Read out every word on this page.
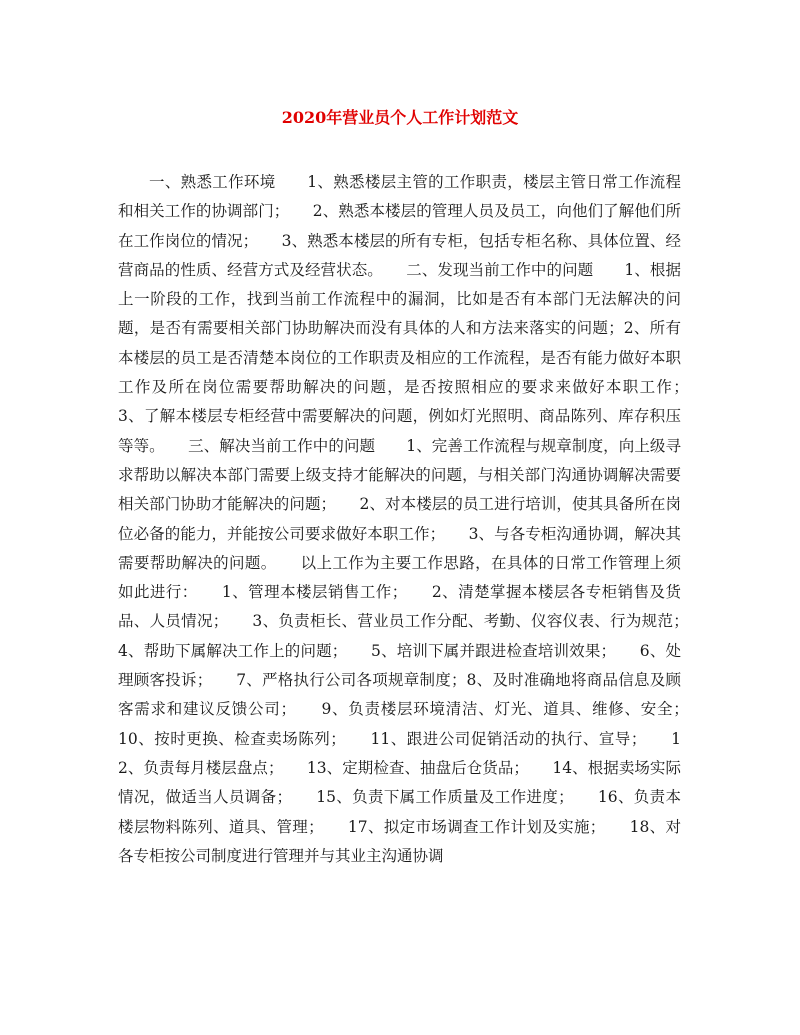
2020年营业员个人工作计划范文

一、熟悉工作环境　　1、熟悉楼层主管的工作职责，楼层主管日常工作流程和相关工作的协调部门；　　2、熟悉本楼层的管理人员及员工，向他们了解他们所在工作岗位的情况；　　3、熟悉本楼层的所有专柜，包括专柜名称、具体位置、经营商品的性质、经营方式及经营状态。　　二、发现当前工作中的问题　　1、根据上一阶段的工作，找到当前工作流程中的漏洞，比如是否有本部门无法解决的问题，是否有需要相关部门协助解决而没有具体的人和方法来落实的问题；2、所有本楼层的员工是否清楚本岗位的工作职责及相应的工作流程，是否有能力做好本职工作及所在岗位需要帮助解决的问题，是否按照相应的要求来做好本职工作；　　3、了解本楼层专柜经营中需要解决的问题，例如灯光照明、商品陈列、库存积压等等。　　三、解决当前工作中的问题　　1、完善工作流程与规章制度，向上级寻求帮助以解决本部门需要上级支持才能解决的问题，与相关部门沟通协调解决需要相关部门协助才能解决的问题；　　2、对本楼层的员工进行培训，使其具备所在岗位必备的能力，并能按公司要求做好本职工作；　　3、与各专柜沟通协调，解决其需要帮助解决的问题。　　以上工作为主要工作思路，在具体的日常工作管理上须如此进行：　　1、管理本楼层销售工作；　　2、清楚掌握本楼层各专柜销售及货品、人员情况；　　3、负责柜长、营业员工作分配、考勤、仪容仪表、行为规范；　　4、帮助下属解决工作上的问题；　　5、培训下属并跟进检查培训效果；　　6、处理顾客投诉；　　7、严格执行公司各项规章制度；8、及时准确地将商品信息及顾客需求和建议反馈公司；　　9、负责楼层环境清洁、灯光、道具、维修、安全；　　10、按时更换、检查卖场陈列；　　11、跟进公司促销活动的执行、宣导；　　12、负责每月楼层盘点；　　13、定期检查、抽盘后仓货品；　　14、根据卖场实际情况，做适当人员调备；　　15、负责下属工作质量及工作进度；　　16、负责本楼层物料陈列、道具、管理；　　17、拟定市场调查工作计划及实施；　　18、对各专柜按公司制度进行管理并与其业主沟通协调
